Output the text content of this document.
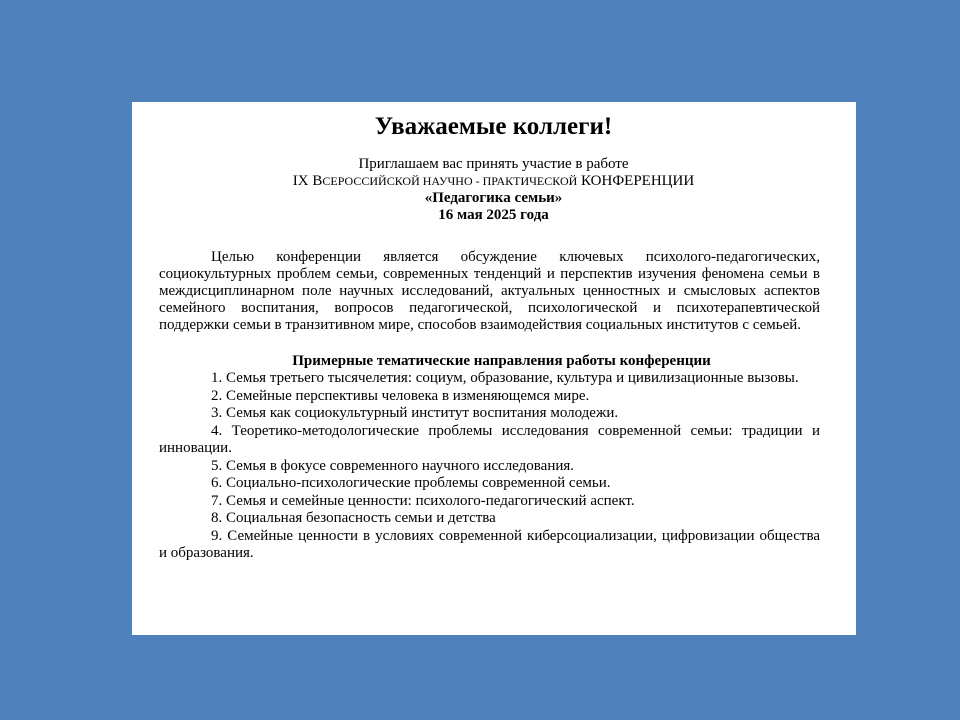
Уважаемые коллеги!
Приглашаем вас принять участие в работе
IX ВСЕРОССИЙСКОЙ НАУЧНО - ПРАКТИЧЕСКОЙ КОНФЕРЕНЦИИ
«Педагогика семьи»
16 мая 2025 года
Целью конференции является обсуждение ключевых психолого-педагогических, социокультурных проблем семьи, современных тенденций и перспектив изучения феномена семьи в междисциплинарном поле научных исследований, актуальных ценностных и смысловых аспектов семейного воспитания, вопросов педагогической, психологической и психотерапевтической поддержки семьи в транзитивном мире, способов взаимодействия социальных институтов с семьей.
Примерные тематические направления работы конференции
1. Семья третьего тысячелетия: социум, образование, культура и цивилизационные вызовы.
2. Семейные перспективы человека в изменяющемся мире.
3. Семья как социокультурный институт воспитания молодежи.
4. Теоретико-методологические проблемы исследования современной семьи: традиции и инновации.
5. Семья в фокусе современного научного исследования.
6. Социально-психологические проблемы современной семьи.
7. Семья и семейные ценности: психолого-педагогический аспект.
8. Социальная безопасность семьи и детства
9. Семейные ценности в условиях современной киберсоциализации, цифровизации общества и образования.
